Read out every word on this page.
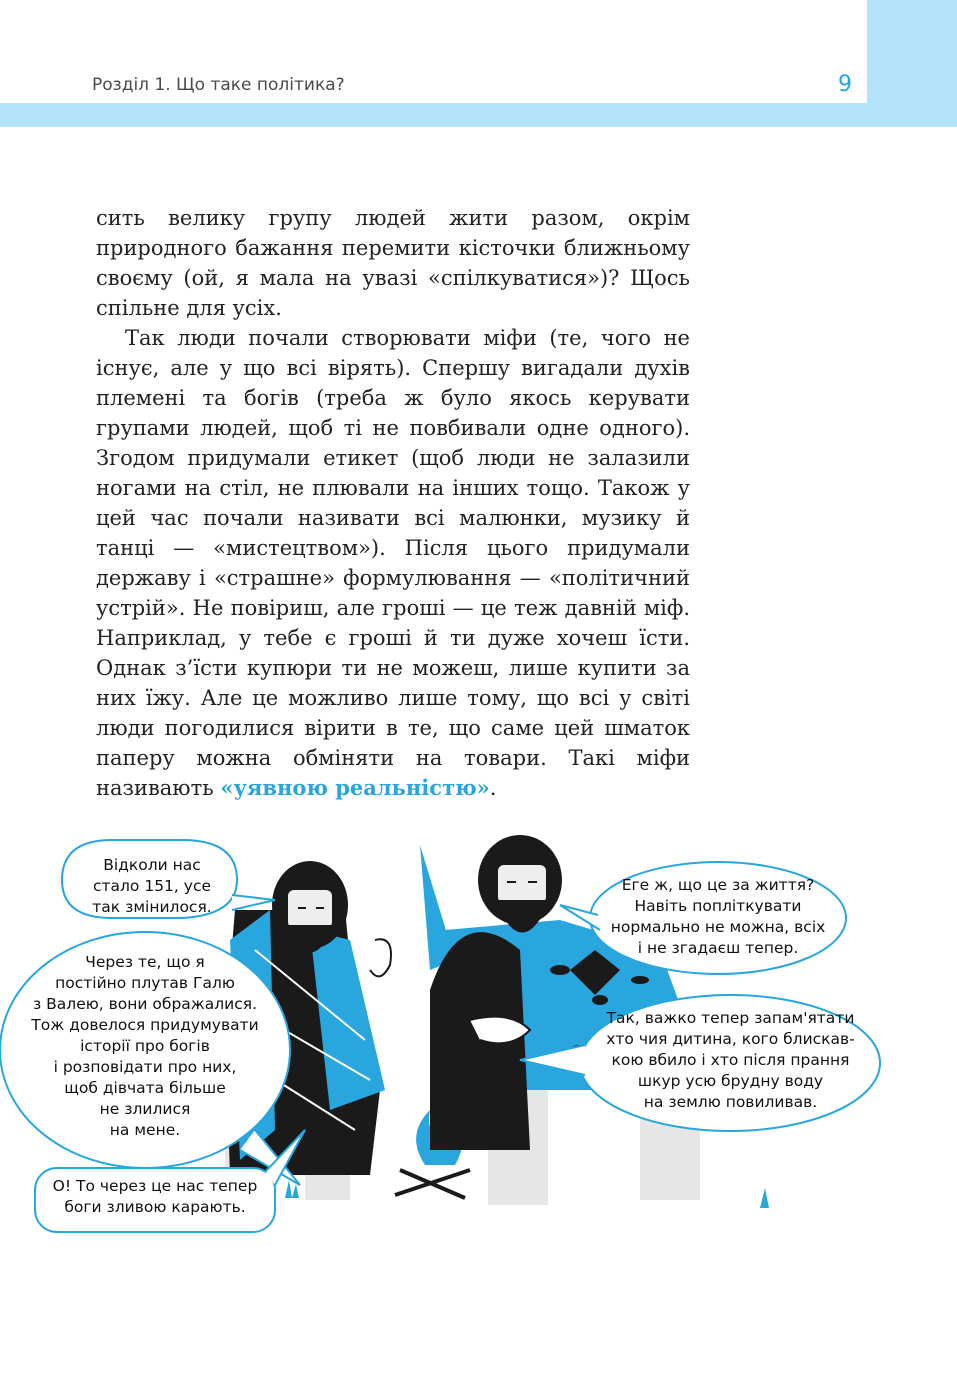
Розділ 1. Що таке політика?	9

сить велику групу людей жити разом, окрім природного бажання перемити кісточки ближньому своєму (ой, я мала на увазі «спілкуватися»)? Щось спільне для усіх.

Так люди почали створювати міфи (те, чого не існує, але у що всі вірять). Спершу вигадали духів племені та богів (треба ж було якось керувати групами людей, щоб ті не повбивали одне одного). Згодом придумали етикет (щоб люди не залазили ногами на стіл, не плювали на інших тощо. Також у цей час почали називати всі малюнки, музику й танці — «мистецтвом»). Після цього придумали державу і «страшне» формулювання — «політичний устрій». Не повіриш, але гроші — це теж давній міф. Наприклад, у тебе є гроші й ти дуже хочеш їсти. Однак з’їсти купюри ти не можеш, лише купити за них їжу. Але це можливо лише тому, що всі у світі люди погодилися вірити в те, що саме цей шматок паперу можна обміняти на товари. Такі міфи називають «уявною реальністю».

Відколи нас
стало 151, усе
так змінилося.
Через те, що я
постійно плутав Галю
з Валею, вони ображалися.
Тож довелося придумувати
історії про богів
і розповідати про них,
щоб дівчата більше
не злилися
на мене.
О! То через це нас тепер
боги зливою карають.
Еге ж, що це за життя?
Навіть попліткувати
нормально не можна, всіх
і не згадаєш тепер.
Так, важко тепер запам'ятати
хто чия дитина, кого блискав-
кою вбило і хто після прання
шкур усю брудну воду
на землю повиливав.
